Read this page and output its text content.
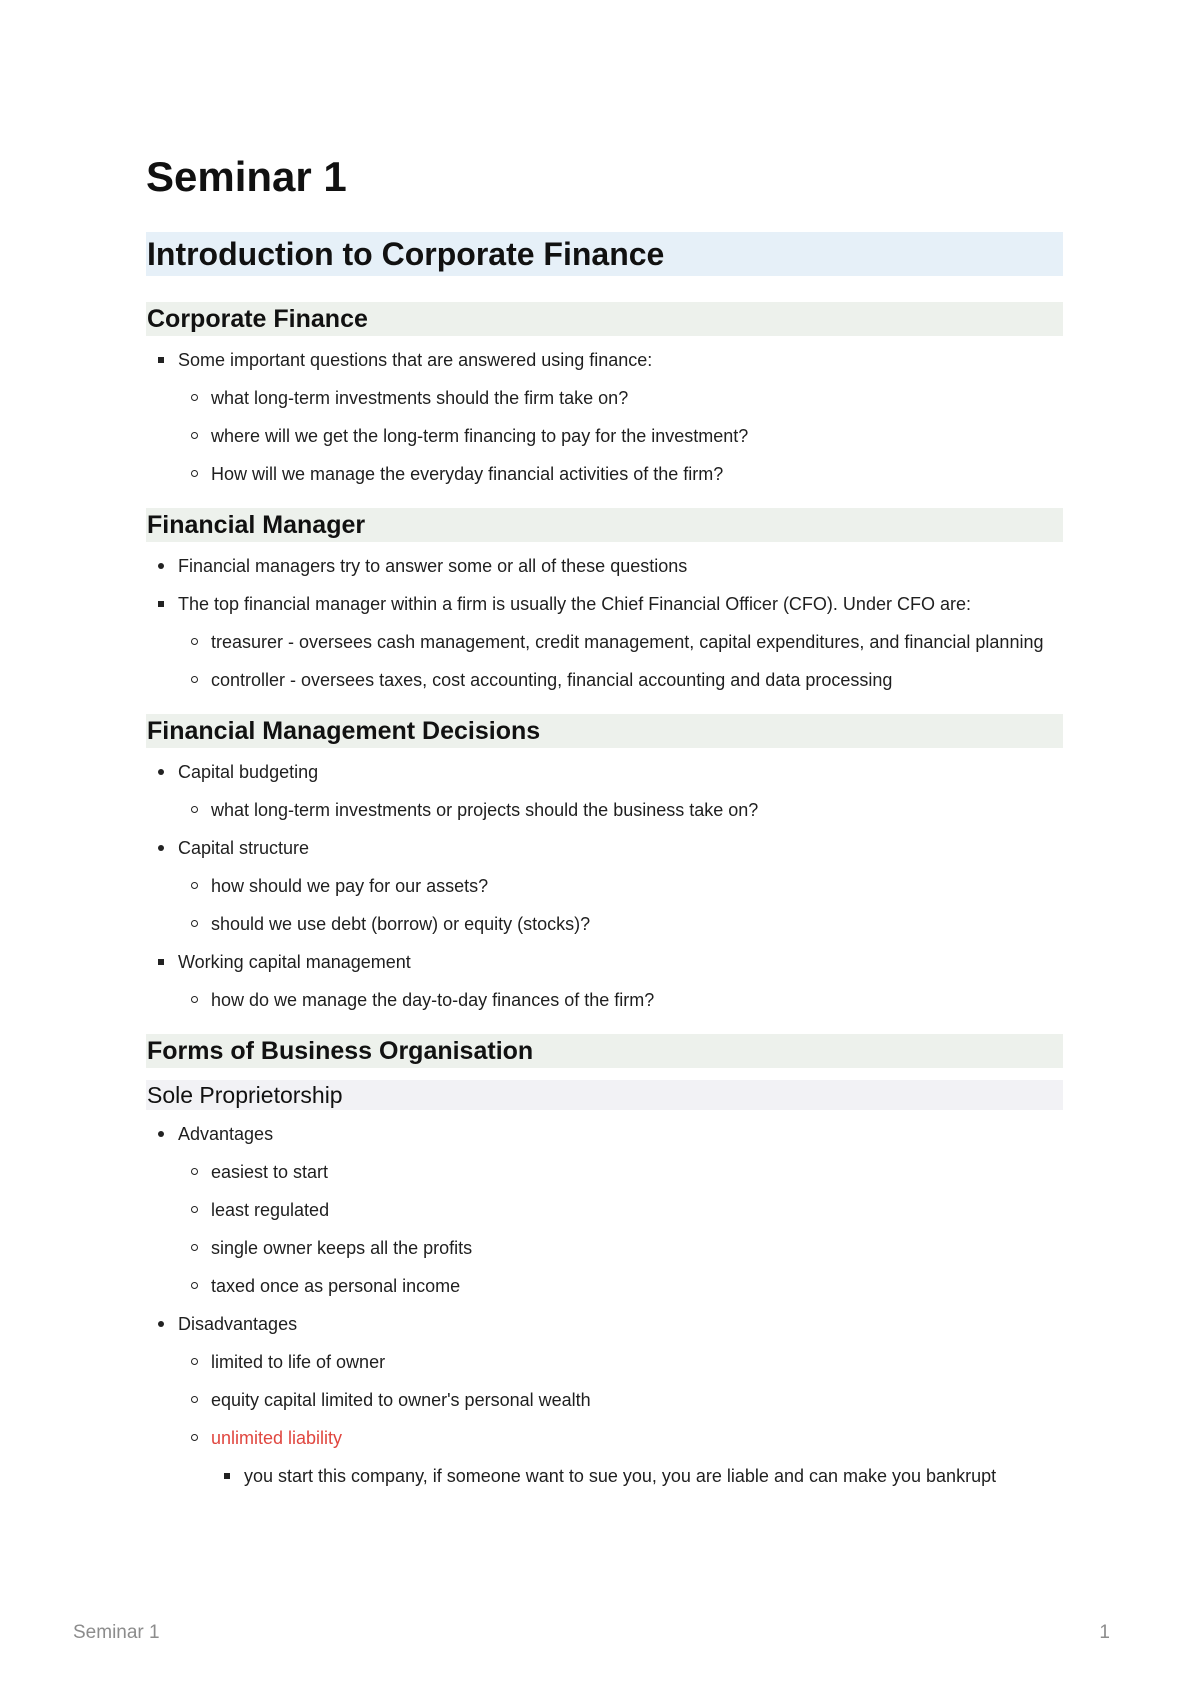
Seminar 1
Introduction to Corporate Finance
Corporate Finance
Some important questions that are answered using finance:
what long-term investments should the firm take on?
where will we get the long-term financing to pay for the investment?
How will we manage the everyday financial activities of the firm?
Financial Manager
Financial managers try to answer some or all of these questions
The top financial manager within a firm is usually the Chief Financial Officer (CFO). Under CFO are:
treasurer - oversees cash management, credit management, capital expenditures, and financial planning
controller - oversees taxes, cost accounting, financial accounting and data processing
Financial Management Decisions
Capital budgeting
what long-term investments or projects should the business take on?
Capital structure
how should we pay for our assets?
should we use debt (borrow) or equity (stocks)?
Working capital management
how do we manage the day-to-day finances of the firm?
Forms of Business Organisation
Sole Proprietorship
Advantages
easiest to start
least regulated
single owner keeps all the profits
taxed once as personal income
Disadvantages
limited to life of owner
equity capital limited to owner's personal wealth
unlimited liability
you start this company, if someone want to sue you, you are liable and can make you bankrupt
Seminar 1	1
